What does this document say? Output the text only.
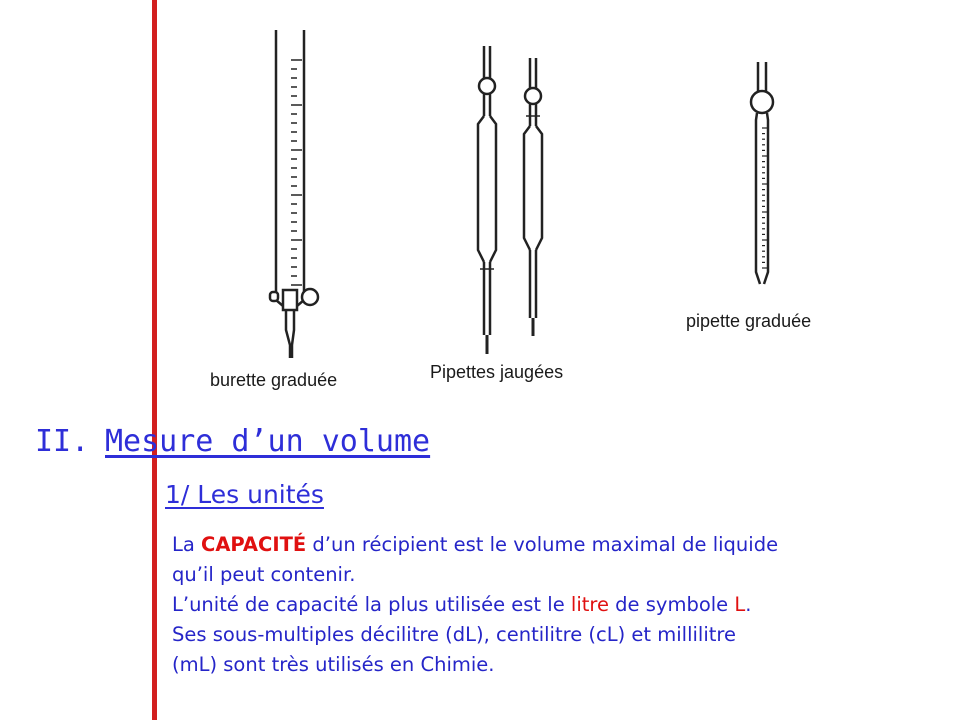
burette graduée	Pipettes jaugées
pipette graduée
II. Mesure d’un volume
1/ Les unités

La CAPACITÉ d’un récipient est le volume maximal de liquide

qu’il peut contenir.

L’unité de capacité la plus utilisée est le litre de symbole L.

Ses sous-multiples décilitre (dL), centilitre (cL) et millilitre

(mL) sont très utilisés en Chimie.
